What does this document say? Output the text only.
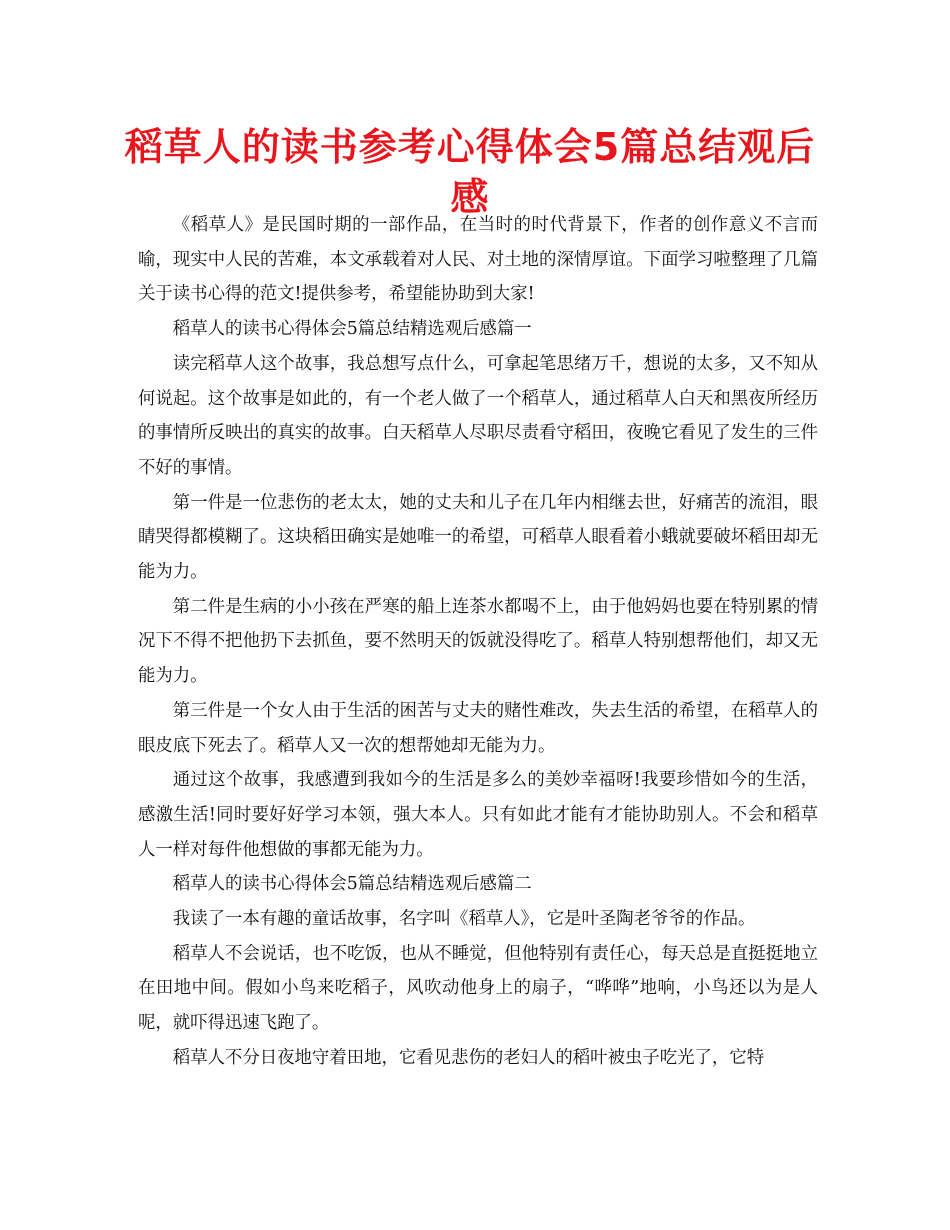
稻草人的读书参考心得体会5篇总结观后感

《稻草人》是民国时期的一部作品，在当时的时代背景下，作者的创作意义不言而喻，现实中人民的苦难，本文承载着对人民、对土地的深情厚谊。下面学习啦整理了几篇关于读书心得的范文!提供参考，希望能协助到大家!

稻草人的读书心得体会5篇总结精选观后感篇一

读完稻草人这个故事，我总想写点什么，可拿起笔思绪万千，想说的太多，又不知从何说起。这个故事是如此的，有一个老人做了一个稻草人，通过稻草人白天和黑夜所经历的事情所反映出的真实的故事。白天稻草人尽职尽责看守稻田，夜晚它看见了发生的三件不好的事情。

第一件是一位悲伤的老太太，她的丈夫和儿子在几年内相继去世，好痛苦的流泪，眼睛哭得都模糊了。这块稻田确实是她唯一的希望，可稻草人眼看着小蛾就要破坏稻田却无能为力。

第二件是生病的小小孩在严寒的船上连茶水都喝不上，由于他妈妈也要在特别累的情况下不得不把他扔下去抓鱼，要不然明天的饭就没得吃了。稻草人特别想帮他们，却又无能为力。

第三件是一个女人由于生活的困苦与丈夫的赌性难改，失去生活的希望，在稻草人的眼皮底下死去了。稻草人又一次的想帮她却无能为力。

通过这个故事，我感遭到我如今的生活是多么的美妙幸福呀!我要珍惜如今的生活，感激生活!同时要好好学习本领，强大本人。只有如此才能有才能协助别人。不会和稻草人一样对每件他想做的事都无能为力。

稻草人的读书心得体会5篇总结精选观后感篇二

我读了一本有趣的童话故事，名字叫《稻草人》，它是叶圣陶老爷爷的作品。

稻草人不会说话，也不吃饭，也从不睡觉，但他特别有责任心，每天总是直挺挺地立在田地中间。假如小鸟来吃稻子，风吹动他身上的扇子，“哗哗”地响，小鸟还以为是人呢，就吓得迅速飞跑了。

稻草人不分日夜地守着田地，它看见悲伤的老妇人的稻叶被虫子吃光了，它特
